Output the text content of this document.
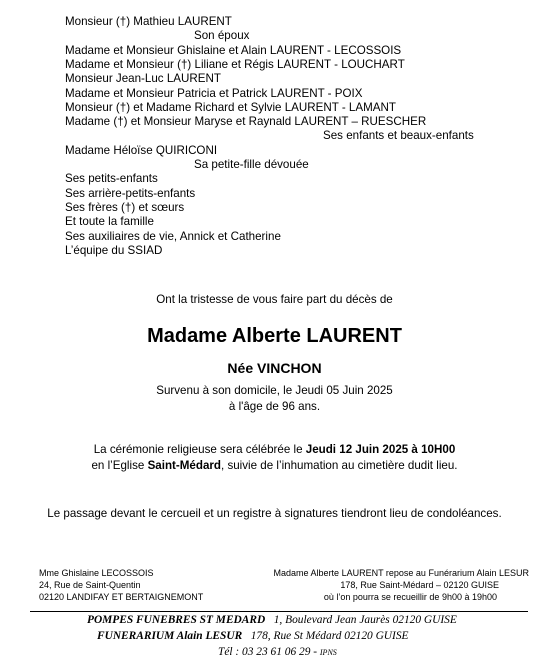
Monsieur (†) Mathieu LAURENT
Son époux
Madame et Monsieur Ghislaine et Alain LAURENT - LECOSSOIS
Madame et Monsieur (†) Liliane et Régis LAURENT - LOUCHART
Monsieur Jean-Luc LAURENT
Madame et Monsieur Patricia et Patrick LAURENT - POIX
Monsieur (†) et Madame Richard et Sylvie LAURENT - LAMANT
Madame (†) et Monsieur Maryse et Raynald LAURENT – RUESCHER
Ses enfants et beaux-enfants
Madame Héloïse QUIRICONI
Sa petite-fille dévouée
Ses petits-enfants
Ses arrière-petits-enfants
Ses frères (†) et sœurs
Et toute la famille
Ses auxiliaires de vie, Annick et Catherine
L’équipe du SSIAD
Ont la tristesse de vous faire part du décès de
Madame Alberte LAURENT
Née VINCHON
Survenu à son domicile, le Jeudi 05 Juin 2025
à l'âge de 96 ans.
La cérémonie religieuse sera célébrée le Jeudi 12 Juin 2025 à 10H00
en l’Eglise Saint-Médard, suivie de l’inhumation au cimetière dudit lieu.
Le passage devant le cercueil et un registre à signatures tiendront lieu de condoléances.
Mme Ghislaine LECOSSOIS
24, Rue de Saint-Quentin
02120 LANDIFAY ET BERTAIGNEMONT
Madame Alberte LAURENT repose au Funérarium Alain LESUR
178, Rue Saint-Médard – 02120 GUISE
où l’on pourra se recueillir de 9h00 à 19h00
POMPES FUNEBRES ST MEDARD 1, Boulevard Jean Jaurès 02120 GUISE
FUNERARIUM Alain LESUR 178, Rue St Médard 02120 GUISE
Tél : 03 23 61 06 29 - IPNS
